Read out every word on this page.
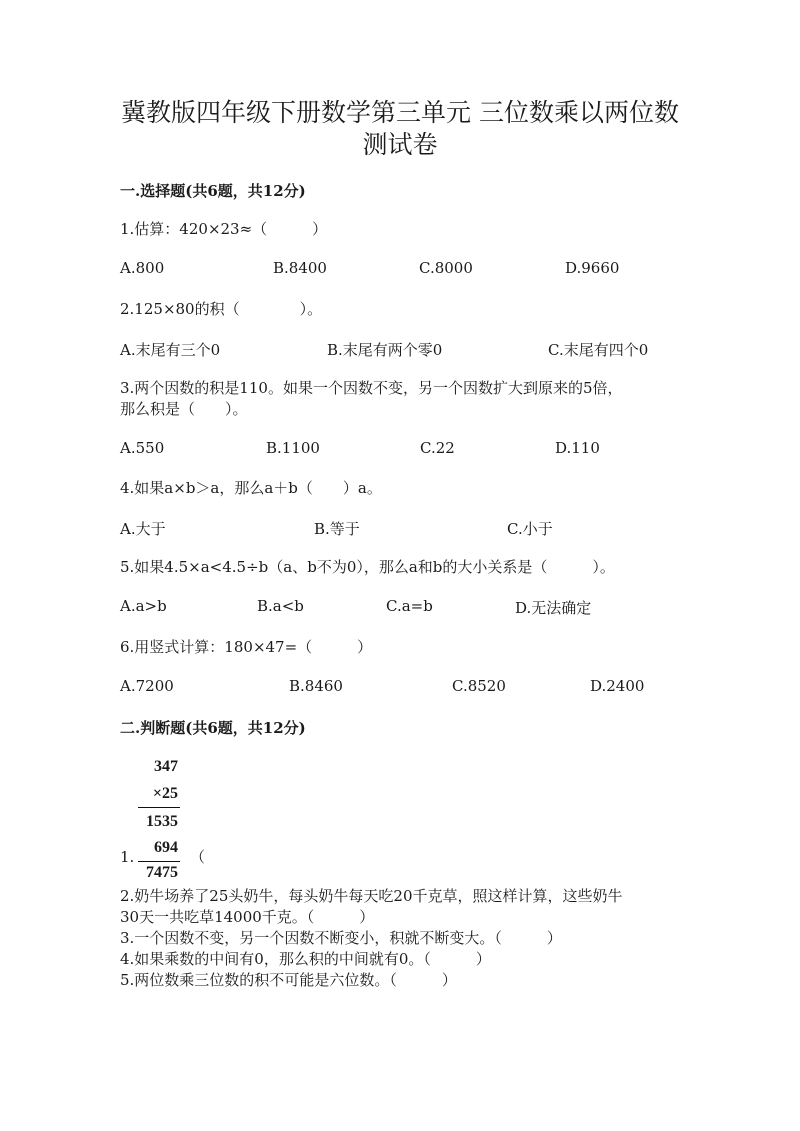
冀教版四年级下册数学第三单元 三位数乘以两位数
测试卷
一.选择题(共6题，共12分)
1.估算：420×23≈（　　　）
A.800	B.8400	C.8000	D.9660
2.125×80的积（　　　　）。
A.末尾有三个0	B.末尾有两个零0	C.末尾有四个0
3.两个因数的积是110。如果一个因数不变，另一个因数扩大到原来的5倍，
那么积是（　　）。
A.550	B.1100	C.22	D.110
4.如果a×b＞a，那么a＋b（　　）a。
A.大于	B.等于	C.小于
5.如果4.5×a<4.5÷b（a、b不为0），那么a和b的大小关系是（　　　）。
A.a>b	B.a<b	C.a=b	D.无法确定
6.用竖式计算：180×47=（　　　）
A.7200	B.8460	C.8520	D.2400
二.判断题(共6题，共12分)
347
×25
1535
694
7475
1.	（
2.奶牛场养了25头奶牛，每头奶牛每天吃20千克草，照这样计算，这些奶牛
30天一共吃草14000千克。（　　　）
3.一个因数不变，另一个因数不断变小，积就不断变大。（　　　）
4.如果乘数的中间有0，那么积的中间就有0。（　　　）
5.两位数乘三位数的积不可能是六位数。（　　　）
